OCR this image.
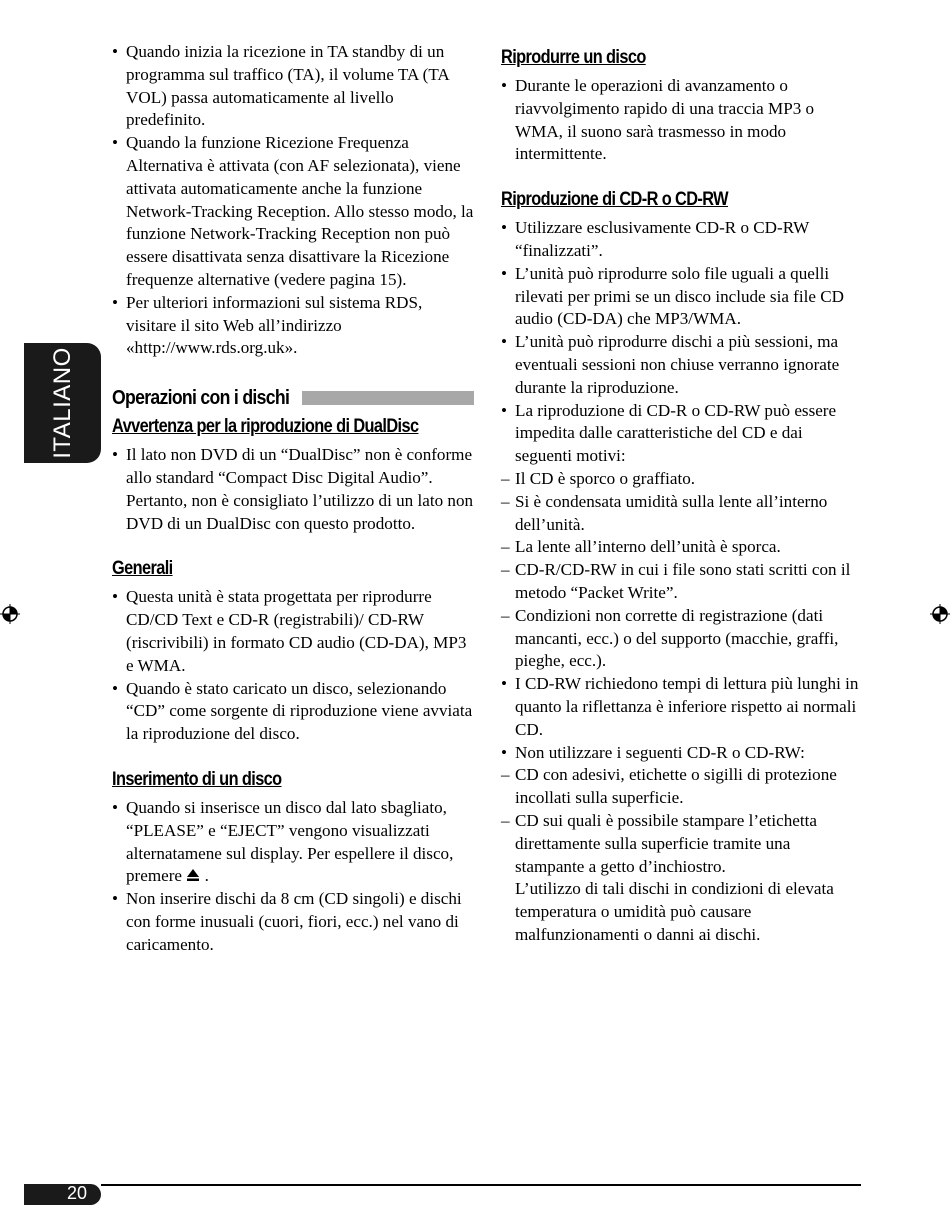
ITALIANO
• Quando inizia la ricezione in TA standby di un programma sul traffico (TA), il volume TA (TA VOL) passa automaticamente al livello predefinito.
• Quando la funzione Ricezione Frequenza Alternativa è attivata (con AF selezionata), viene attivata automaticamente anche la funzione Network-Tracking Reception. Allo stesso modo, la funzione Network-Tracking Reception non può essere disattivata senza disattivare la Ricezione frequenze alternative (vedere pagina 15).
• Per ulteriori informazioni sul sistema RDS, visitare il sito Web all’indirizzo «http://www.rds.org.uk».
Operazioni con i dischi
Avvertenza per la riproduzione di DualDisc
• Il lato non DVD di un “DualDisc” non è conforme allo standard “Compact Disc Digital Audio”. Pertanto, non è consigliato l’utilizzo di un lato non DVD di un DualDisc con questo prodotto.
Generali
• Questa unità è stata progettata per riprodurre CD/CD Text e CD-R (registrabili)/ CD-RW (riscrivibili) in formato CD audio (CD-DA), MP3 e WMA.
• Quando è stato caricato un disco, selezionando “CD” come sorgente di riproduzione viene avviata la riproduzione del disco.
Inserimento di un disco
• Quando si inserisce un disco dal lato sbagliato, “PLEASE” e “EJECT” vengono visualizzati alternatamene sul display. Per espellere il disco, premere .
• Non inserire dischi da 8 cm (CD singoli) e dischi con forme inusuali (cuori, fiori, ecc.) nel vano di caricamento.
Riprodurre un disco
• Durante le operazioni di avanzamento o riavvolgimento rapido di una traccia MP3 o WMA, il suono sarà trasmesso in modo intermittente.
Riproduzione di CD-R o CD-RW
• Utilizzare esclusivamente CD-R o CD-RW “finalizzati”.
• L’unità può riprodurre solo file uguali a quelli rilevati per primi se un disco include sia file CD audio (CD-DA) che MP3/WMA.
• L’unità può riprodurre dischi a più sessioni, ma eventuali sessioni non chiuse verranno ignorate durante la riproduzione.
• La riproduzione di CD-R o CD-RW può essere impedita dalle caratteristiche del CD e dai seguenti motivi:
– Il CD è sporco o graffiato.
– Si è condensata umidità sulla lente all’interno dell’unità.
– La lente all’interno dell’unità è sporca.
– CD-R/CD-RW in cui i file sono stati scritti con il metodo “Packet Write”.
– Condizioni non corrette di registrazione (dati mancanti, ecc.) o del supporto (macchie, graffi, pieghe, ecc.).
• I CD-RW richiedono tempi di lettura più lunghi in quanto la riflettanza è inferiore rispetto ai normali CD.
• Non utilizzare i seguenti CD-R o CD-RW:
– CD con adesivi, etichette o sigilli di protezione incollati sulla superficie.
– CD sui quali è possibile stampare l’etichetta direttamente sulla superficie tramite una stampante a getto d’inchiostro.

L’utilizzo di tali dischi in condizioni di elevata temperatura o umidità può causare malfunzionamenti o danni ai dischi.

20
